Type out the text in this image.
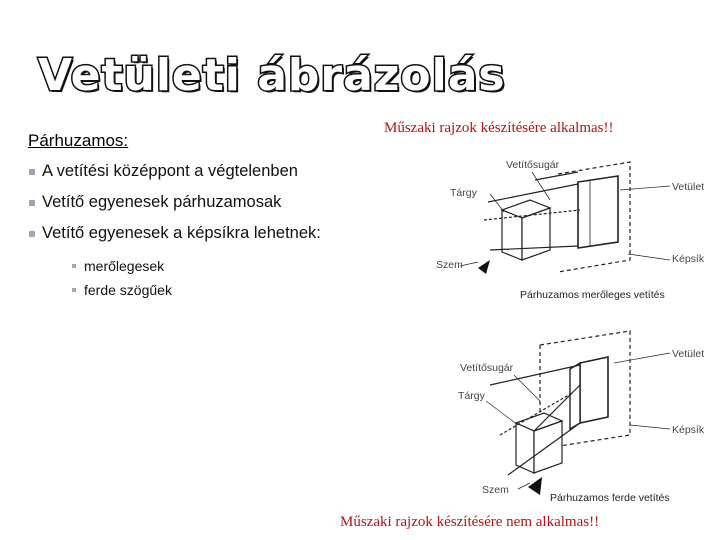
Vetületi ábrázolás
Párhuzamos:
Műszaki rajzok készítésére alkalmas!!
A vetítési középpont a végtelenben
Vetítő egyenesek párhuzamosak
Vetítő egyenesek a képsíkra lehetnek:
merőlegesek
ferde szögűek
Vetítősugár
Tárgy	Vetület
Képsík
Szem
Párhuzamos merőleges vetítés
Vetítősugár
Tárgy
Vetület
Képsík
Szem
Párhuzamos ferde vetítés
Műszaki rajzok készítésére nem alkalmas!!
